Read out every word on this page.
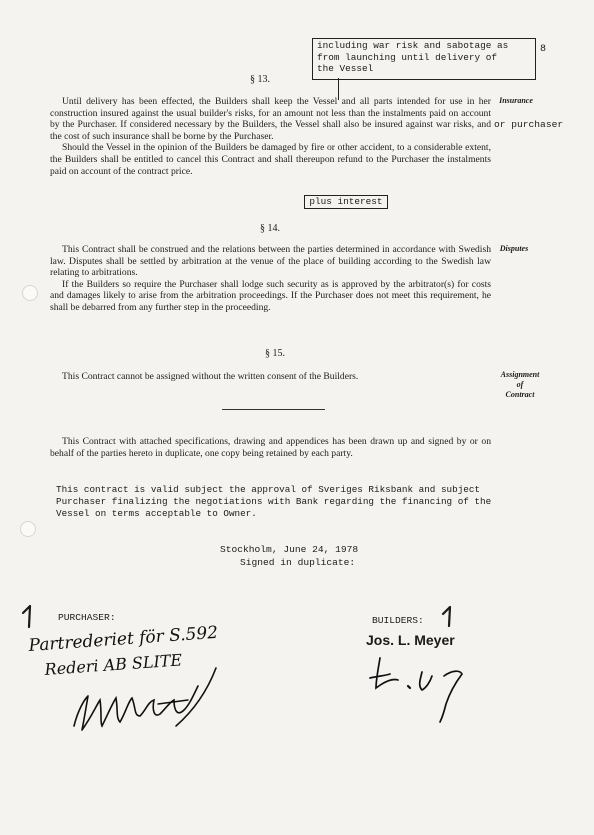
8
including war risk and sabotage as
from launching until delivery of
the Vessel
§ 13.
Insurance
or purchaser

Until delivery has been effected, the Builders shall keep the Vessel and all parts intended for use in her construction insured against the usual builder's risks, for an amount not less than the instalments paid on account by the Purchaser. If considered necessary by the Builders, the Vessel shall also be insured against war risks, and the cost of such insurance shall be borne by the Purchaser.

Should the Vessel in the opinion of the Builders be damaged by fire or other accident, to a considerable extent, the Builders shall be entitled to cancel this Contract and shall thereupon refund to the Purchaser the instalments paid on account of the contract price.

plus interest
§ 14.
Disputes

This Contract shall be construed and the relations between the parties determined in accordance with Swedish law. Disputes shall be settled by arbitration at the venue of the place of building according to the Swedish law relating to arbitrations.

If the Builders so require the Purchaser shall lodge such security as is approved by the arbitrator(s) for costs and damages likely to arise from the arbitration proceedings. If the Purchaser does not meet this requirement, he shall be debarred from any further step in the proceeding.

§ 15.
Assignment
of
Contract

This Contract cannot be assigned without the written consent of the Builders.

This Contract with attached specifications, drawing and appendices has been drawn up and signed by or on behalf of the parties hereto in duplicate, one copy being retained by each party.

This contract is valid subject the approval of Sveriges Riksbank and subject
Purchaser finalizing the negotiations with Bank regarding the financing of the
Vessel on terms acceptable to Owner.
Stockholm, June 24, 1978
Signed in duplicate:
PURCHASER:
Partrederiet för S.592
Rederi AB SLITE
BUILDERS:
Jos. L. Meyer
